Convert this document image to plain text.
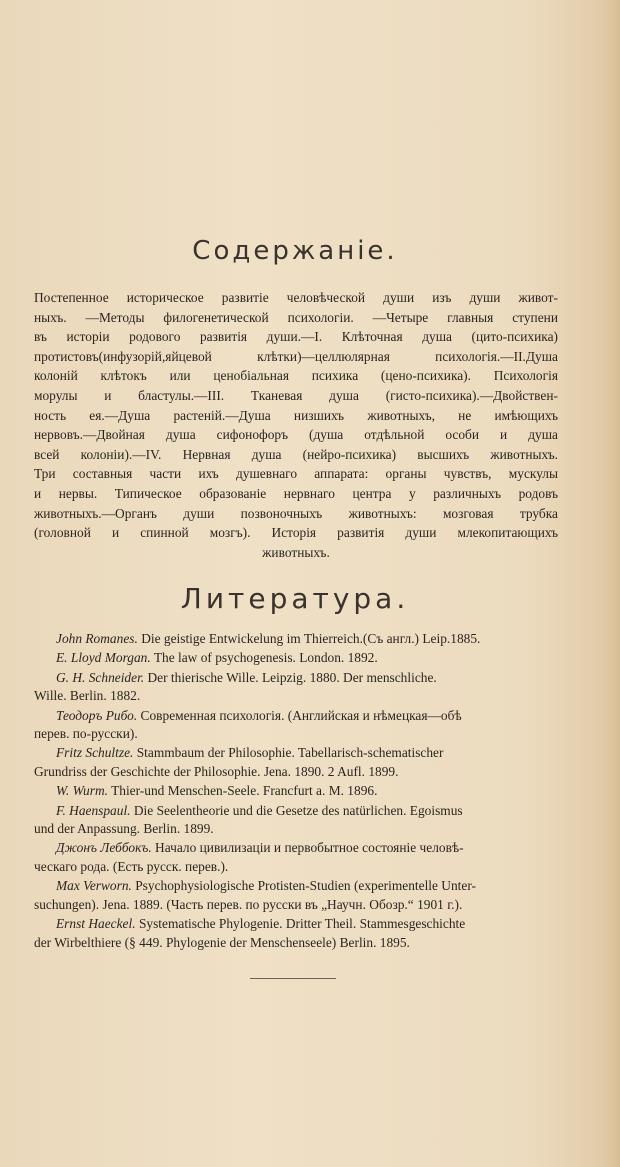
Содержаніе.
Постепенное историческое развитіе человѣческой души изъ души живот-
ныхъ. —Методы филогенетической психологіи. —Четыре главныя ступени
въ исторіи родового развитія души.—I. Клѣточная душа (цито-психика)
протистовъ(инфузорій,яйцевой клѣтки)—целлюлярная психологія.—II.Душа
колоній клѣтокъ или ценобіальная психика (цено-психика). Психологія
морулы и бластулы.—III. Тканевая душа (гисто-психика).—Двойствен-
ность ея.—Душа растеній.—Душа низшихъ животныхъ, не имѣющихъ
нервовъ.—Двойная душа сифонофоръ (душа отдѣльной особи и душа
всей колоніи).—IV. Нервная душа (нейро-психика) высшихъ животныхъ.
Три составныя части ихъ душевнаго аппарата: органы чувствъ, мускулы
и нервы. Типическое образованіе нервнаго центра у различныхъ родовъ
животныхъ.—Органъ души позвоночныхъ животныхъ: мозговая трубка
(головной и спинной мозгъ). Исторія развитія души млекопитающихъ
животныхъ.
Литература.
John Romanes. Die geistige Entwickelung im Thierreich.(Съ англ.) Leip.1885.
E. Lloyd Morgan. The law of psychogenesis. London. 1892.
G. H. Schneider. Der thierische Wille. Leipzig. 1880. Der menschliche.
Wille. Berlin. 1882.
Теодоръ Рибо. Современная психологія. (Английская и нѣмецкая—обѣ
перев. по-русски).
Fritz Schultze. Stammbaum der Philosophie. Tabellarisch-schematischer
Grundriss der Geschichte der Philosophie. Jena. 1890. 2 Aufl. 1899.
W. Wurm. Thier-und Menschen-Seele. Francfurt a. M. 1896.
F. Haenspaul. Die Seelentheorie und die Gesetze des natürlichen. Egoismus
und der Anpassung. Berlin. 1899.
Джонъ Леббокъ. Начало цивилизаціи и первобытное состояніе человѣ-
ческаго рода. (Есть русск. перев.).
Max Verworn. Psychophysiologische Protisten-Studien (experimentelle Unter-
suchungen). Jena. 1889. (Часть перев. по русски въ „Научн. Обозр.“ 1901 г.).
Ernst Haeckel. Systematische Phylogenie. Dritter Theil. Stammesgeschichte
der Wirbelthiere (§ 449. Phylogenie der Menschenseele) Berlin. 1895.
